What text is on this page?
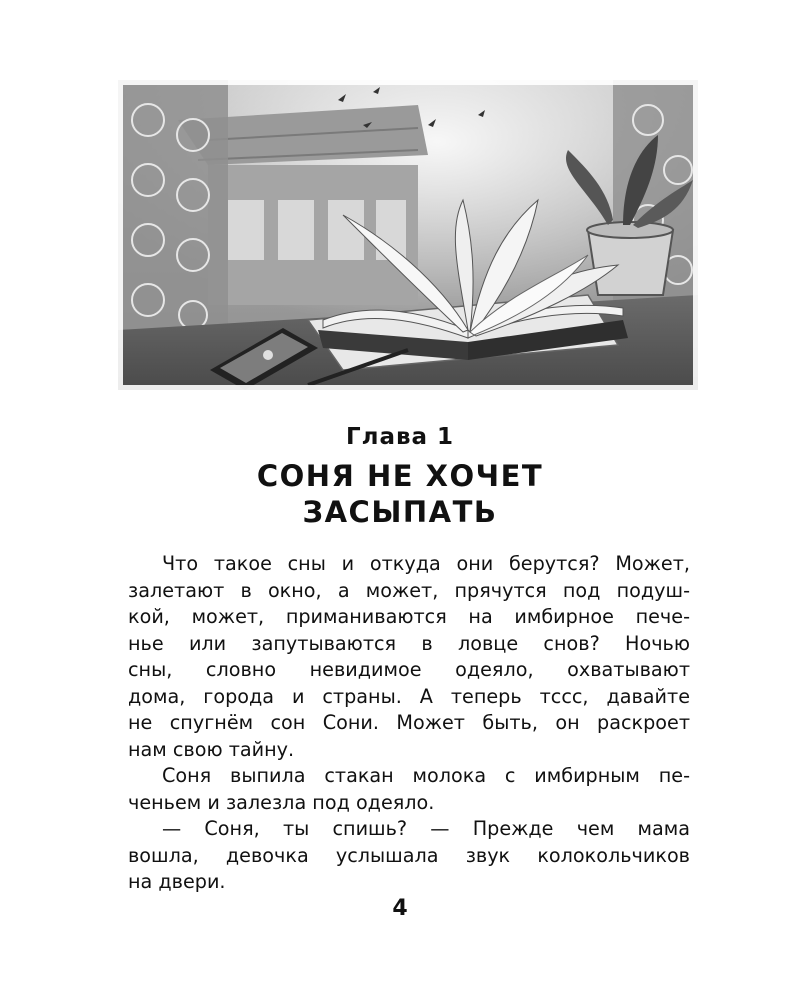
Глава 1
СОНЯ НЕ ХОЧЕТ
ЗАСЫПАТЬ
Что такое сны и откуда они берутся? Может,
залетают в окно, а может, прячутся под подуш-
кой, может, приманиваются на имбирное пече-
нье или запутываются в ловце снов? Ночью
сны, словно невидимое одеяло, охватывают
дома, города и страны. А теперь тссс, давайте
не спугнём сон Сони. Может быть, он раскроет
нам свою тайну.
Соня выпила стакан молока с имбирным пе-
ченьем и залезла под одеяло.
— Соня, ты спишь? — Прежде чем мама
вошла, девочка услышала звук колокольчиков
на двери.
4
